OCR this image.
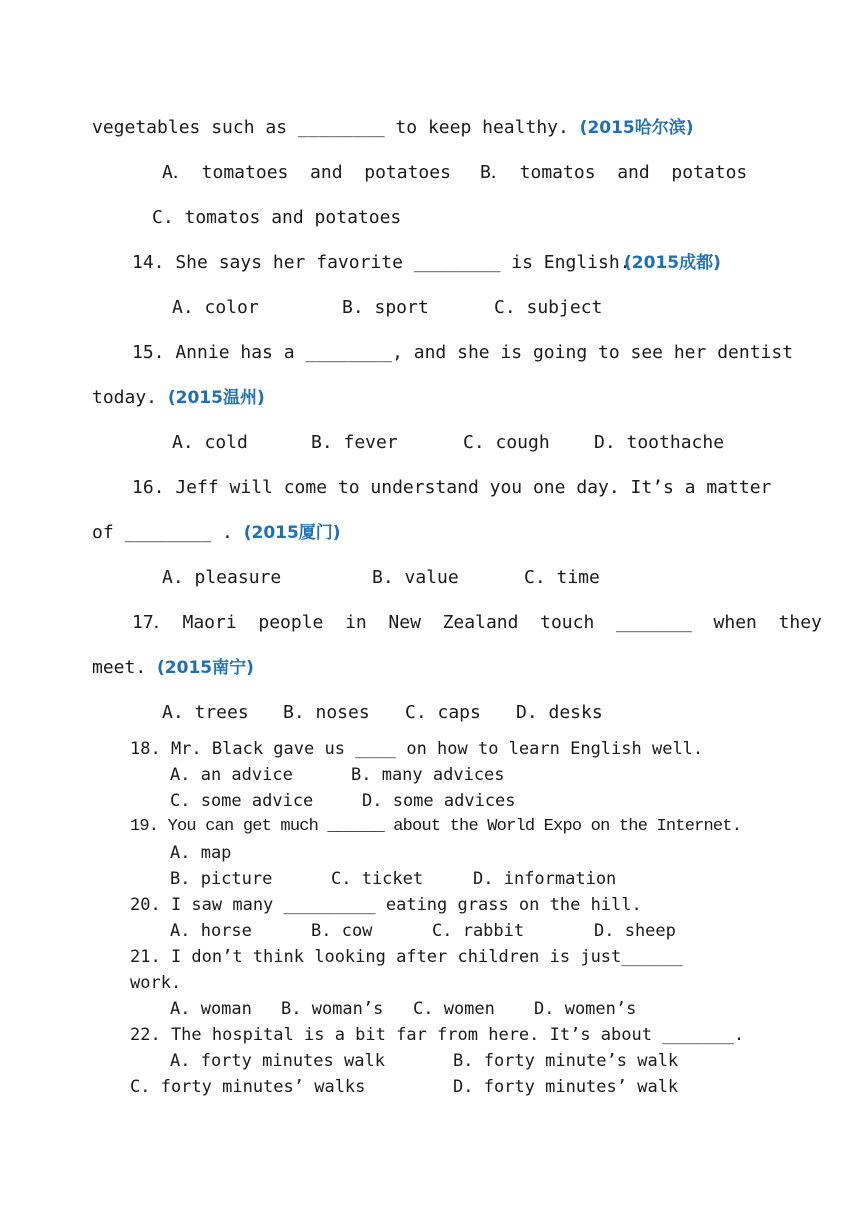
vegetables such as ________ to keep healthy. (2015哈尔滨)
A． tomatoes  and  potatoes B． tomatos  and  potatos
C. tomatos and potatoes
14. She says her favorite ________ is English.
(2015成都)
A. color	B. sport	C. subject
15. Annie has a ________, and she is going to see her dentist
today. (2015温州)
A. cold	B. fever	C. cough D. toothache
16. Jeff will come to understand you one day. It’s a matter
of ________ . (2015厦门)
A. pleasure	B. value	C. time
17． Maori  people  in  New  Zealand  touch  _______  when  they
meet. (2015南宁)
A. trees B. noses C. caps D. desks
18. Mr. Black gave us ____ on how to learn English well.
A. an advice	B. many advices
C. some advice	D. some advices
19. You can get much ______ about the World Expo on the Internet.
A. map
B. picture	C. ticket	D. information
20. I saw many _________ eating grass on the hill.
A. horse	B. cow	C. rabbit	D. sheep
21. I don’t think looking after children is just______
work.
A. woman B. woman’s C. women D. women’s
22. The hospital is a bit far from here. It’s about _______.
A. forty minutes walk	B. forty minute’s walk
C. forty minutes’ walks	D. forty minutes’ walk
